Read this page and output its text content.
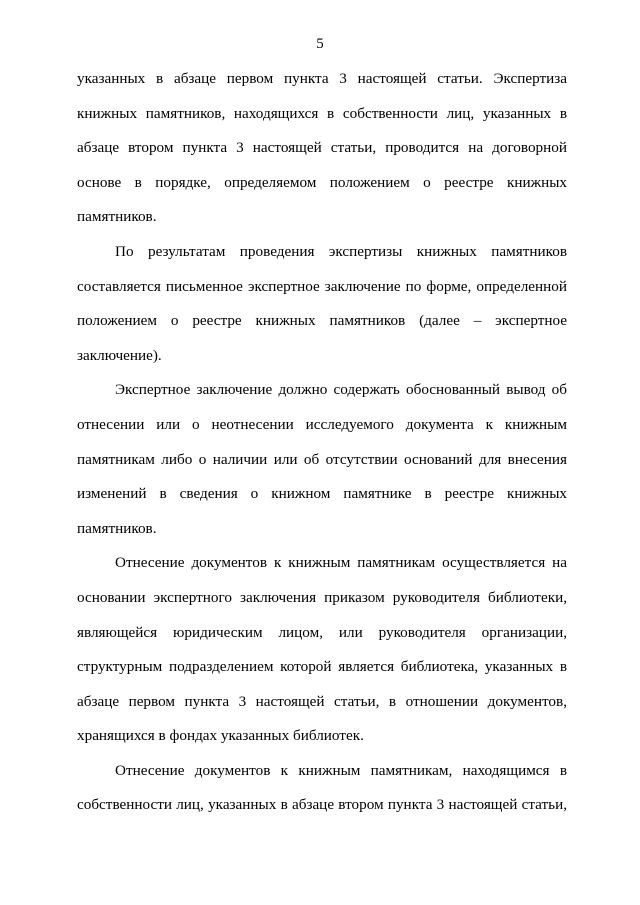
5
указанных в абзаце первом пункта 3 настоящей статьи. Экспертиза
книжных памятников, находящихся в собственности лиц, указанных в
абзаце втором пункта 3 настоящей статьи, проводится на договорной
основе в порядке, определяемом положением о реестре книжных
памятников.
По результатам проведения экспертизы книжных памятников
составляется письменное экспертное заключение по форме, определенной
положением о реестре книжных памятников (далее – экспертное
заключение).
Экспертное заключение должно содержать обоснованный вывод об
отнесении или о неотнесении исследуемого документа к книжным
памятникам либо о наличии или об отсутствии оснований для внесения
изменений в сведения о книжном памятнике в реестре книжных
памятников.
Отнесение документов к книжным памятникам осуществляется на
основании экспертного заключения приказом руководителя библиотеки,
являющейся юридическим лицом, или руководителя организации,
структурным подразделением которой является библиотека, указанных в
абзаце первом пункта 3 настоящей статьи, в отношении документов,
хранящихся в фондах указанных библиотек.
Отнесение документов к книжным памятникам, находящимся в
собственности лиц, указанных в абзаце втором пункта 3 настоящей статьи,
